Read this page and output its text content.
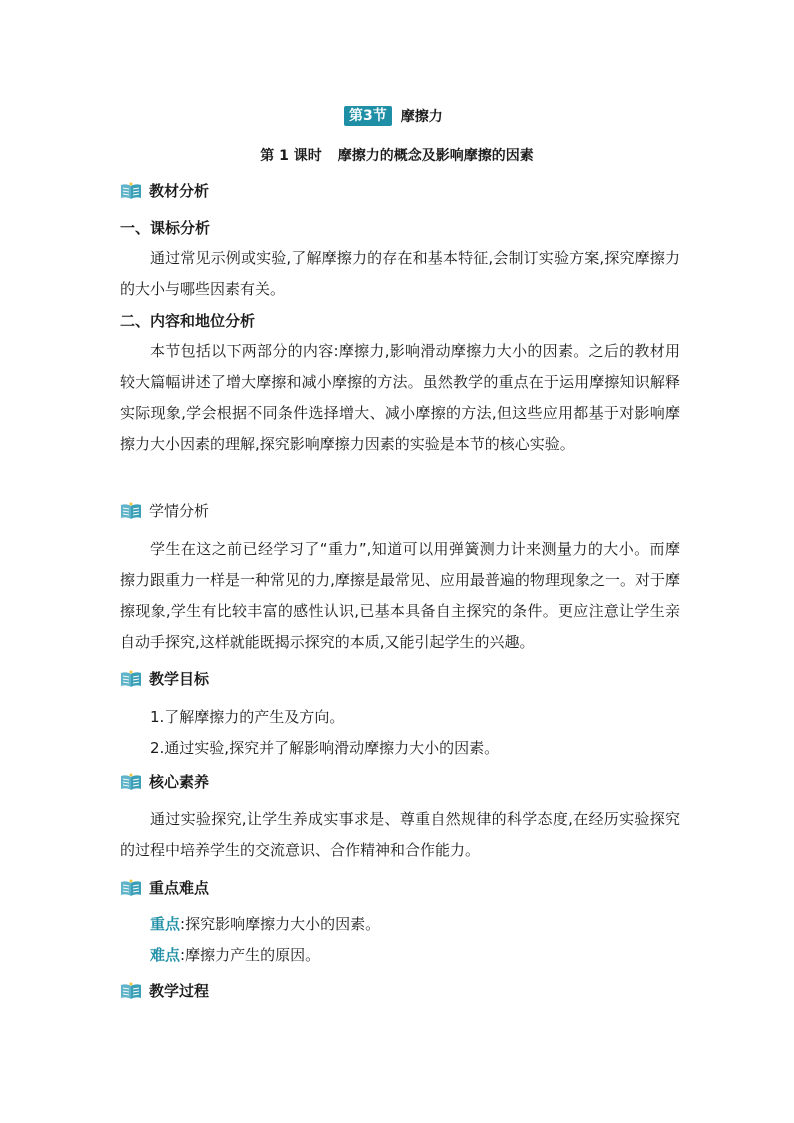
第3节	摩擦力
第 1 课时 摩擦力的概念及影响摩擦的因素
教材分析
一、课标分析
通过常见示例或实验,了解摩擦力的存在和基本特征,会制订实验方案,探究摩擦力的大小与哪些因素有关。
二、内容和地位分析
本节包括以下两部分的内容:摩擦力,影响滑动摩擦力大小的因素。之后的教材用较大篇幅讲述了增大摩擦和减小摩擦的方法。虽然教学的重点在于运用摩擦知识解释实际现象,学会根据不同条件选择增大、减小摩擦的方法,但这些应用都基于对影响摩擦力大小因素的理解,探究影响摩擦力因素的实验是本节的核心实验。
学情分析
学生在这之前已经学习了“重力”,知道可以用弹簧测力计来测量力的大小。而摩擦力跟重力一样是一种常见的力,摩擦是最常见、应用最普遍的物理现象之一。对于摩擦现象,学生有比较丰富的感性认识,已基本具备自主探究的条件。更应注意让学生亲自动手探究,这样就能既揭示探究的本质,又能引起学生的兴趣。
教学目标
1.了解摩擦力的产生及方向。
2.通过实验,探究并了解影响滑动摩擦力大小的因素。
核心素养
通过实验探究,让学生养成实事求是、尊重自然规律的科学态度,在经历实验探究的过程中培养学生的交流意识、合作精神和合作能力。
重点难点
重点:探究影响摩擦力大小的因素。
难点:摩擦力产生的原因。
教学过程
